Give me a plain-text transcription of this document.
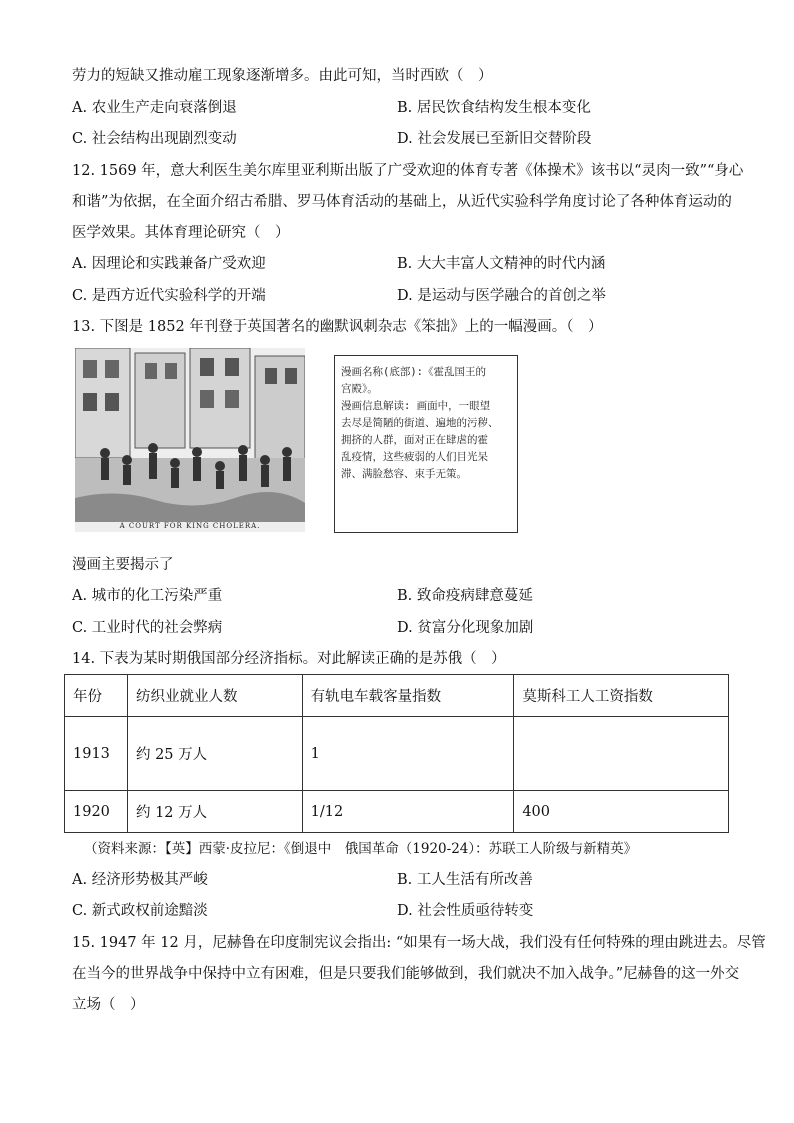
劳力的短缺又推动雇工现象逐渐增多。由此可知，当时西欧（　）
A. 农业生产走向衰落倒退	B. 居民饮食结构发生根本变化
C. 社会结构出现剧烈变动	D. 社会发展已至新旧交替阶段
12. 1569 年，意大利医生美尔库里亚利斯出版了广受欢迎的体育专著《体操术》该书以“灵肉一致”“身心
和谐”为依据，在全面介绍古希腊、罗马体育活动的基础上，从近代实验科学角度讨论了各种体育运动的
医学效果。其体育理论研究（　）
A. 因理论和实践兼备广受欢迎	B. 大大丰富人文精神的时代内涵
C. 是西方近代实验科学的开端	D. 是运动与医学融合的首创之举
13. 下图是 1852 年刊登于英国著名的幽默讽刺杂志《笨拙》上的一幅漫画。（　）
A COURT FOR KING CHOLERA.
漫画名称(底部):《霍乱国王的
宫殿》。
漫画信息解读: 画面中，一眼望
去尽是简陋的街道、遍地的污秽、
拥挤的人群，面对正在肆虐的霍
乱疫情，这些疲弱的人们目光呆
滞、满脸愁容、束手无策。
漫画主要揭示了
A. 城市的化工污染严重	B. 致命疫病肆意蔓延
C. 工业时代的社会弊病	D. 贫富分化现象加剧
14. 下表为某时期俄国部分经济指标。对此解读正确的是苏俄（　）
年份	纺织业就业人数	有轨电车载客量指数	莫斯科工人工资指数
1913	约 25 万人	1	
1920	约 12 万人	1/12	400
（资料来源：【英】西蒙·皮拉尼：《倒退中　俄国革命（1920-24）：苏联工人阶级与新精英》
A. 经济形势极其严峻	B. 工人生活有所改善
C. 新式政权前途黯淡	D. 社会性质亟待转变
15. 1947 年 12 月，尼赫鲁在印度制宪议会指出: “如果有一场大战，我们没有任何特殊的理由跳进去。尽管
在当今的世界战争中保持中立有困难，但是只要我们能够做到，我们就决不加入战争。”尼赫鲁的这一外交
立场（　）
